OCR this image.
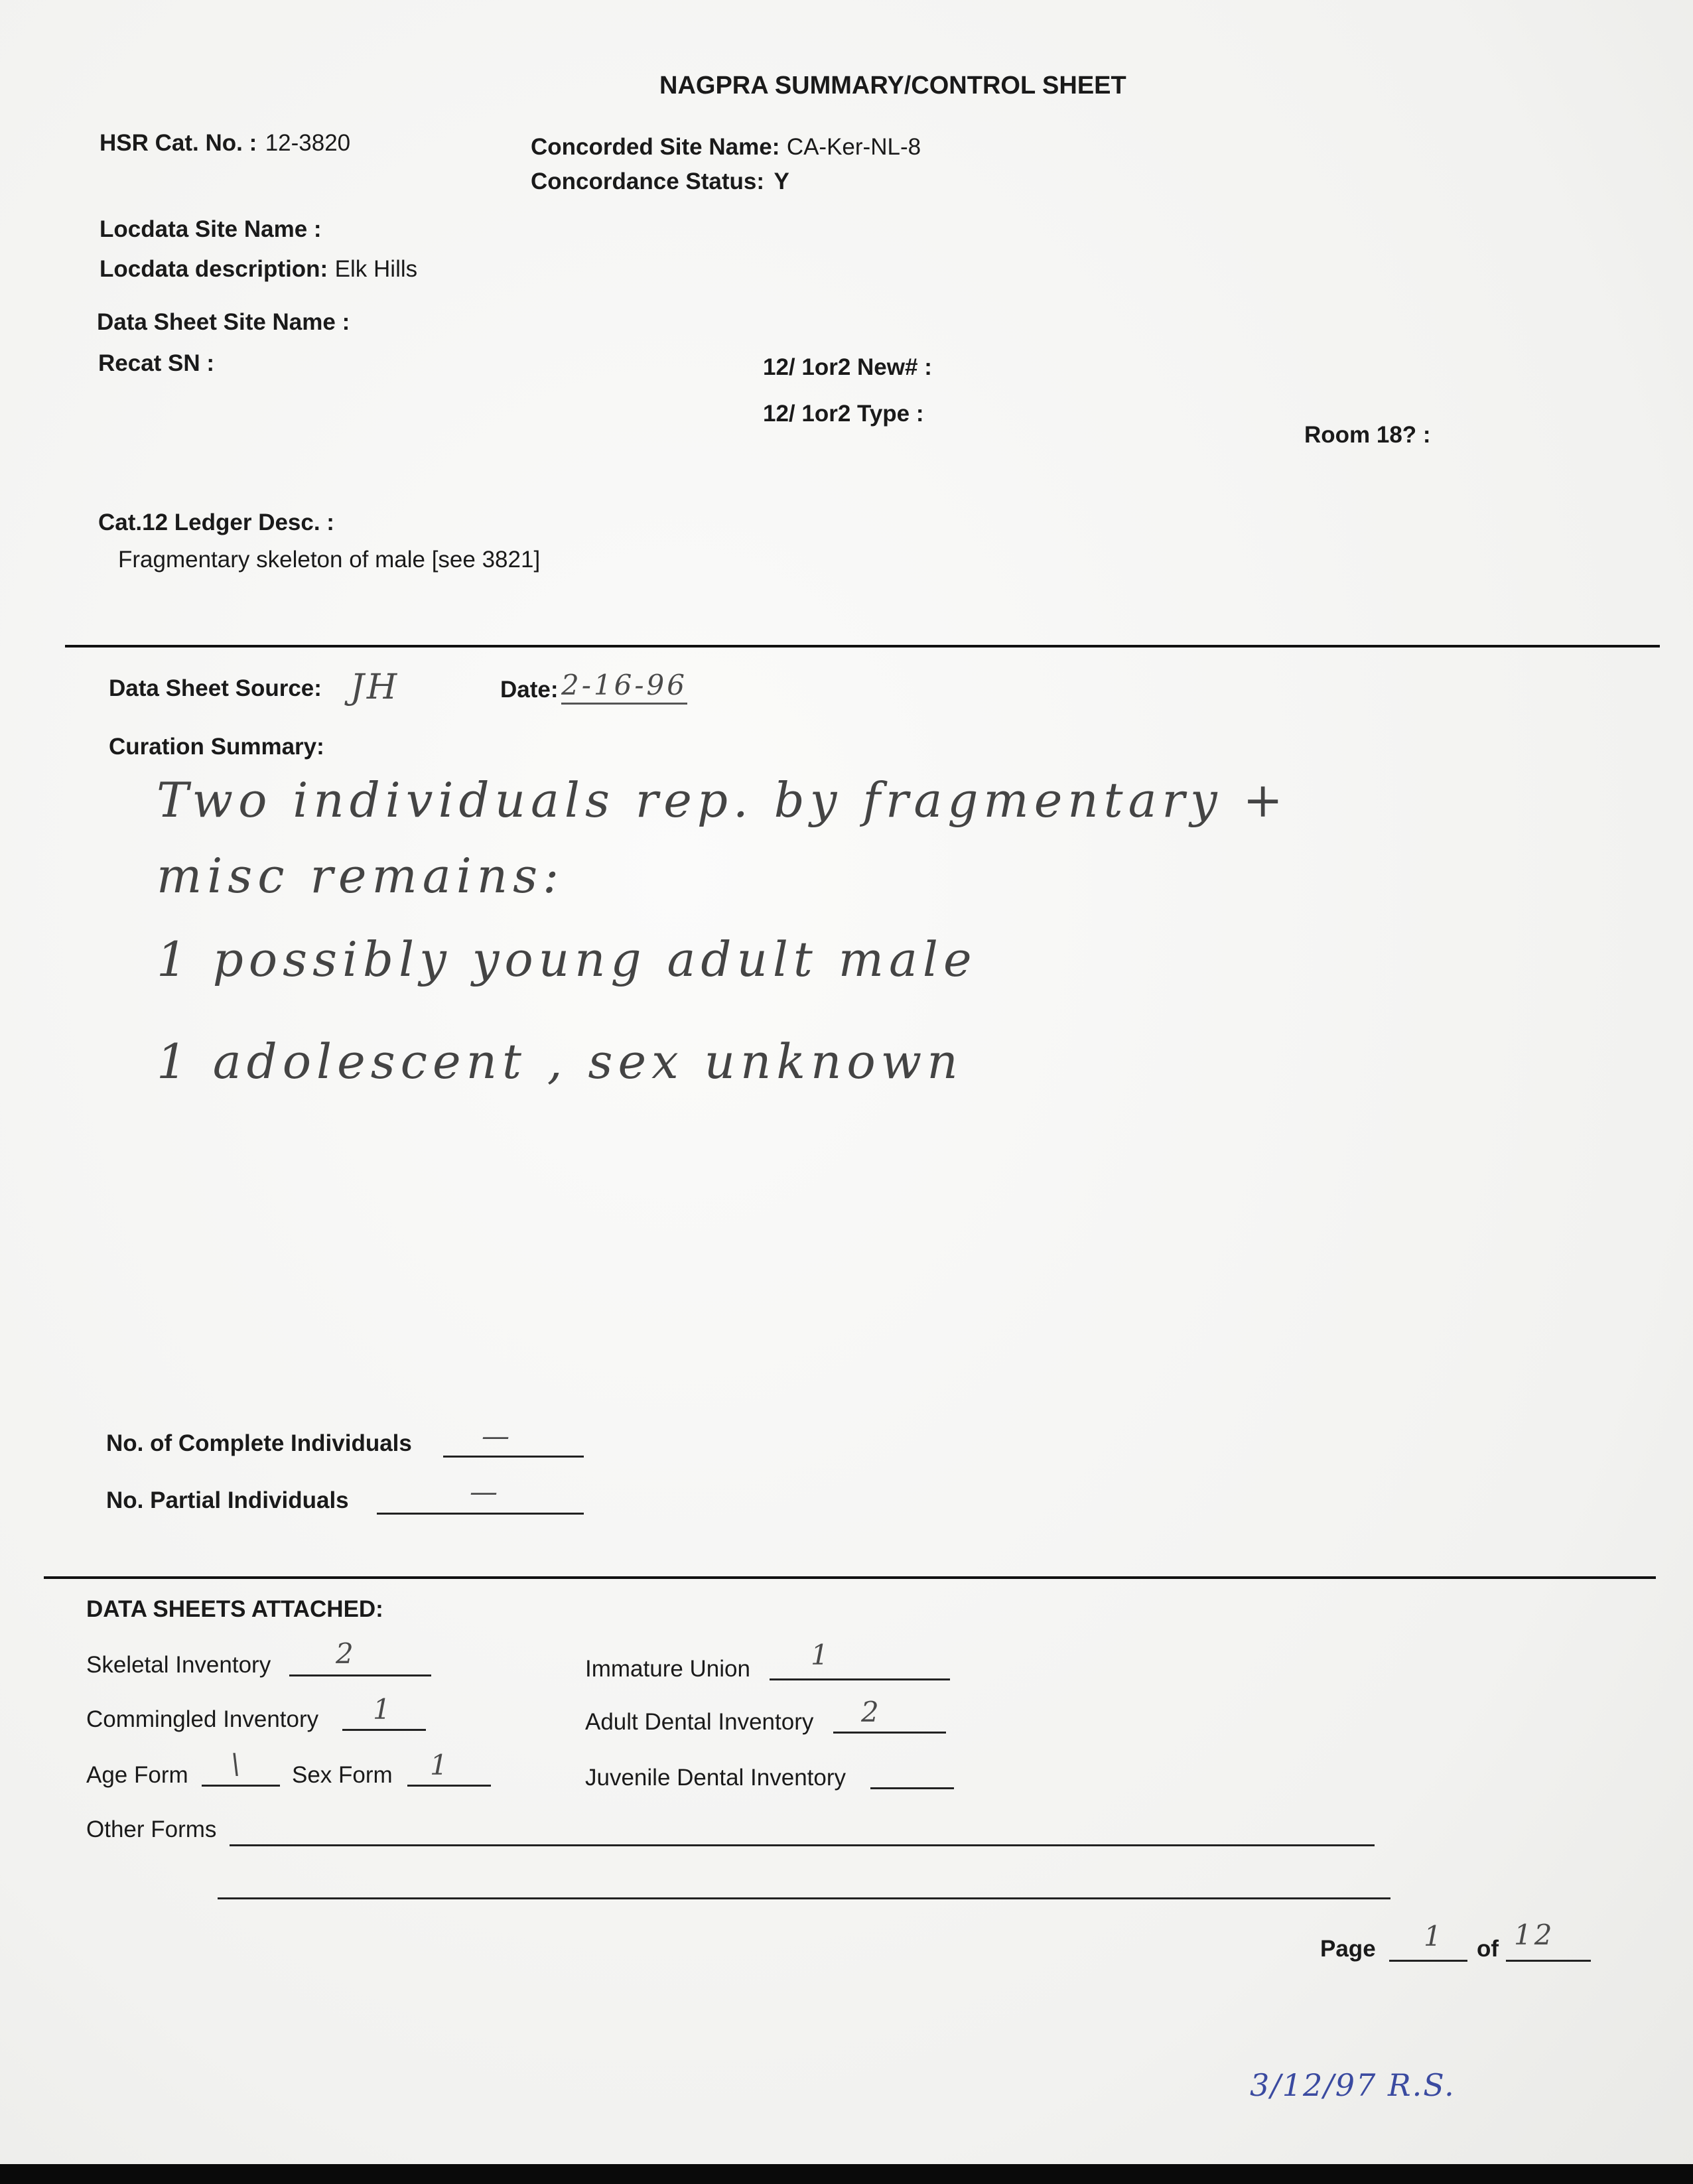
NAGPRA SUMMARY/CONTROL SHEET
HSR Cat. No. : 12-3820	Concorded Site Name: CA-Ker-NL-8
Concordance Status: Y
Locdata Site Name :
Locdata description: Elk Hills
Data Sheet Site Name :
Recat SN :	12/ 1or2 New# :
12/ 1or2 Type :
Room 18? :
Cat.12 Ledger Desc. :
Fragmentary skeleton of male [see 3821]
Data Sheet Source: JH	Date: 2-16-96
Curation Summary:
Two individuals rep. by fragmentary +
misc remains:
1 possibly young adult male
1 adolescent , sex unknown
No. of Complete Individuals	—
No. Partial Individuals	—
DATA SHEETS ATTACHED:
Skeletal Inventory 2	Immature Union 1
Commingled Inventory 1	Adult Dental Inventory 2
Age Form \ Sex Form 1	Juvenile Dental Inventory
Other Forms
Page 1 of 12
3/12/97 R.S.
